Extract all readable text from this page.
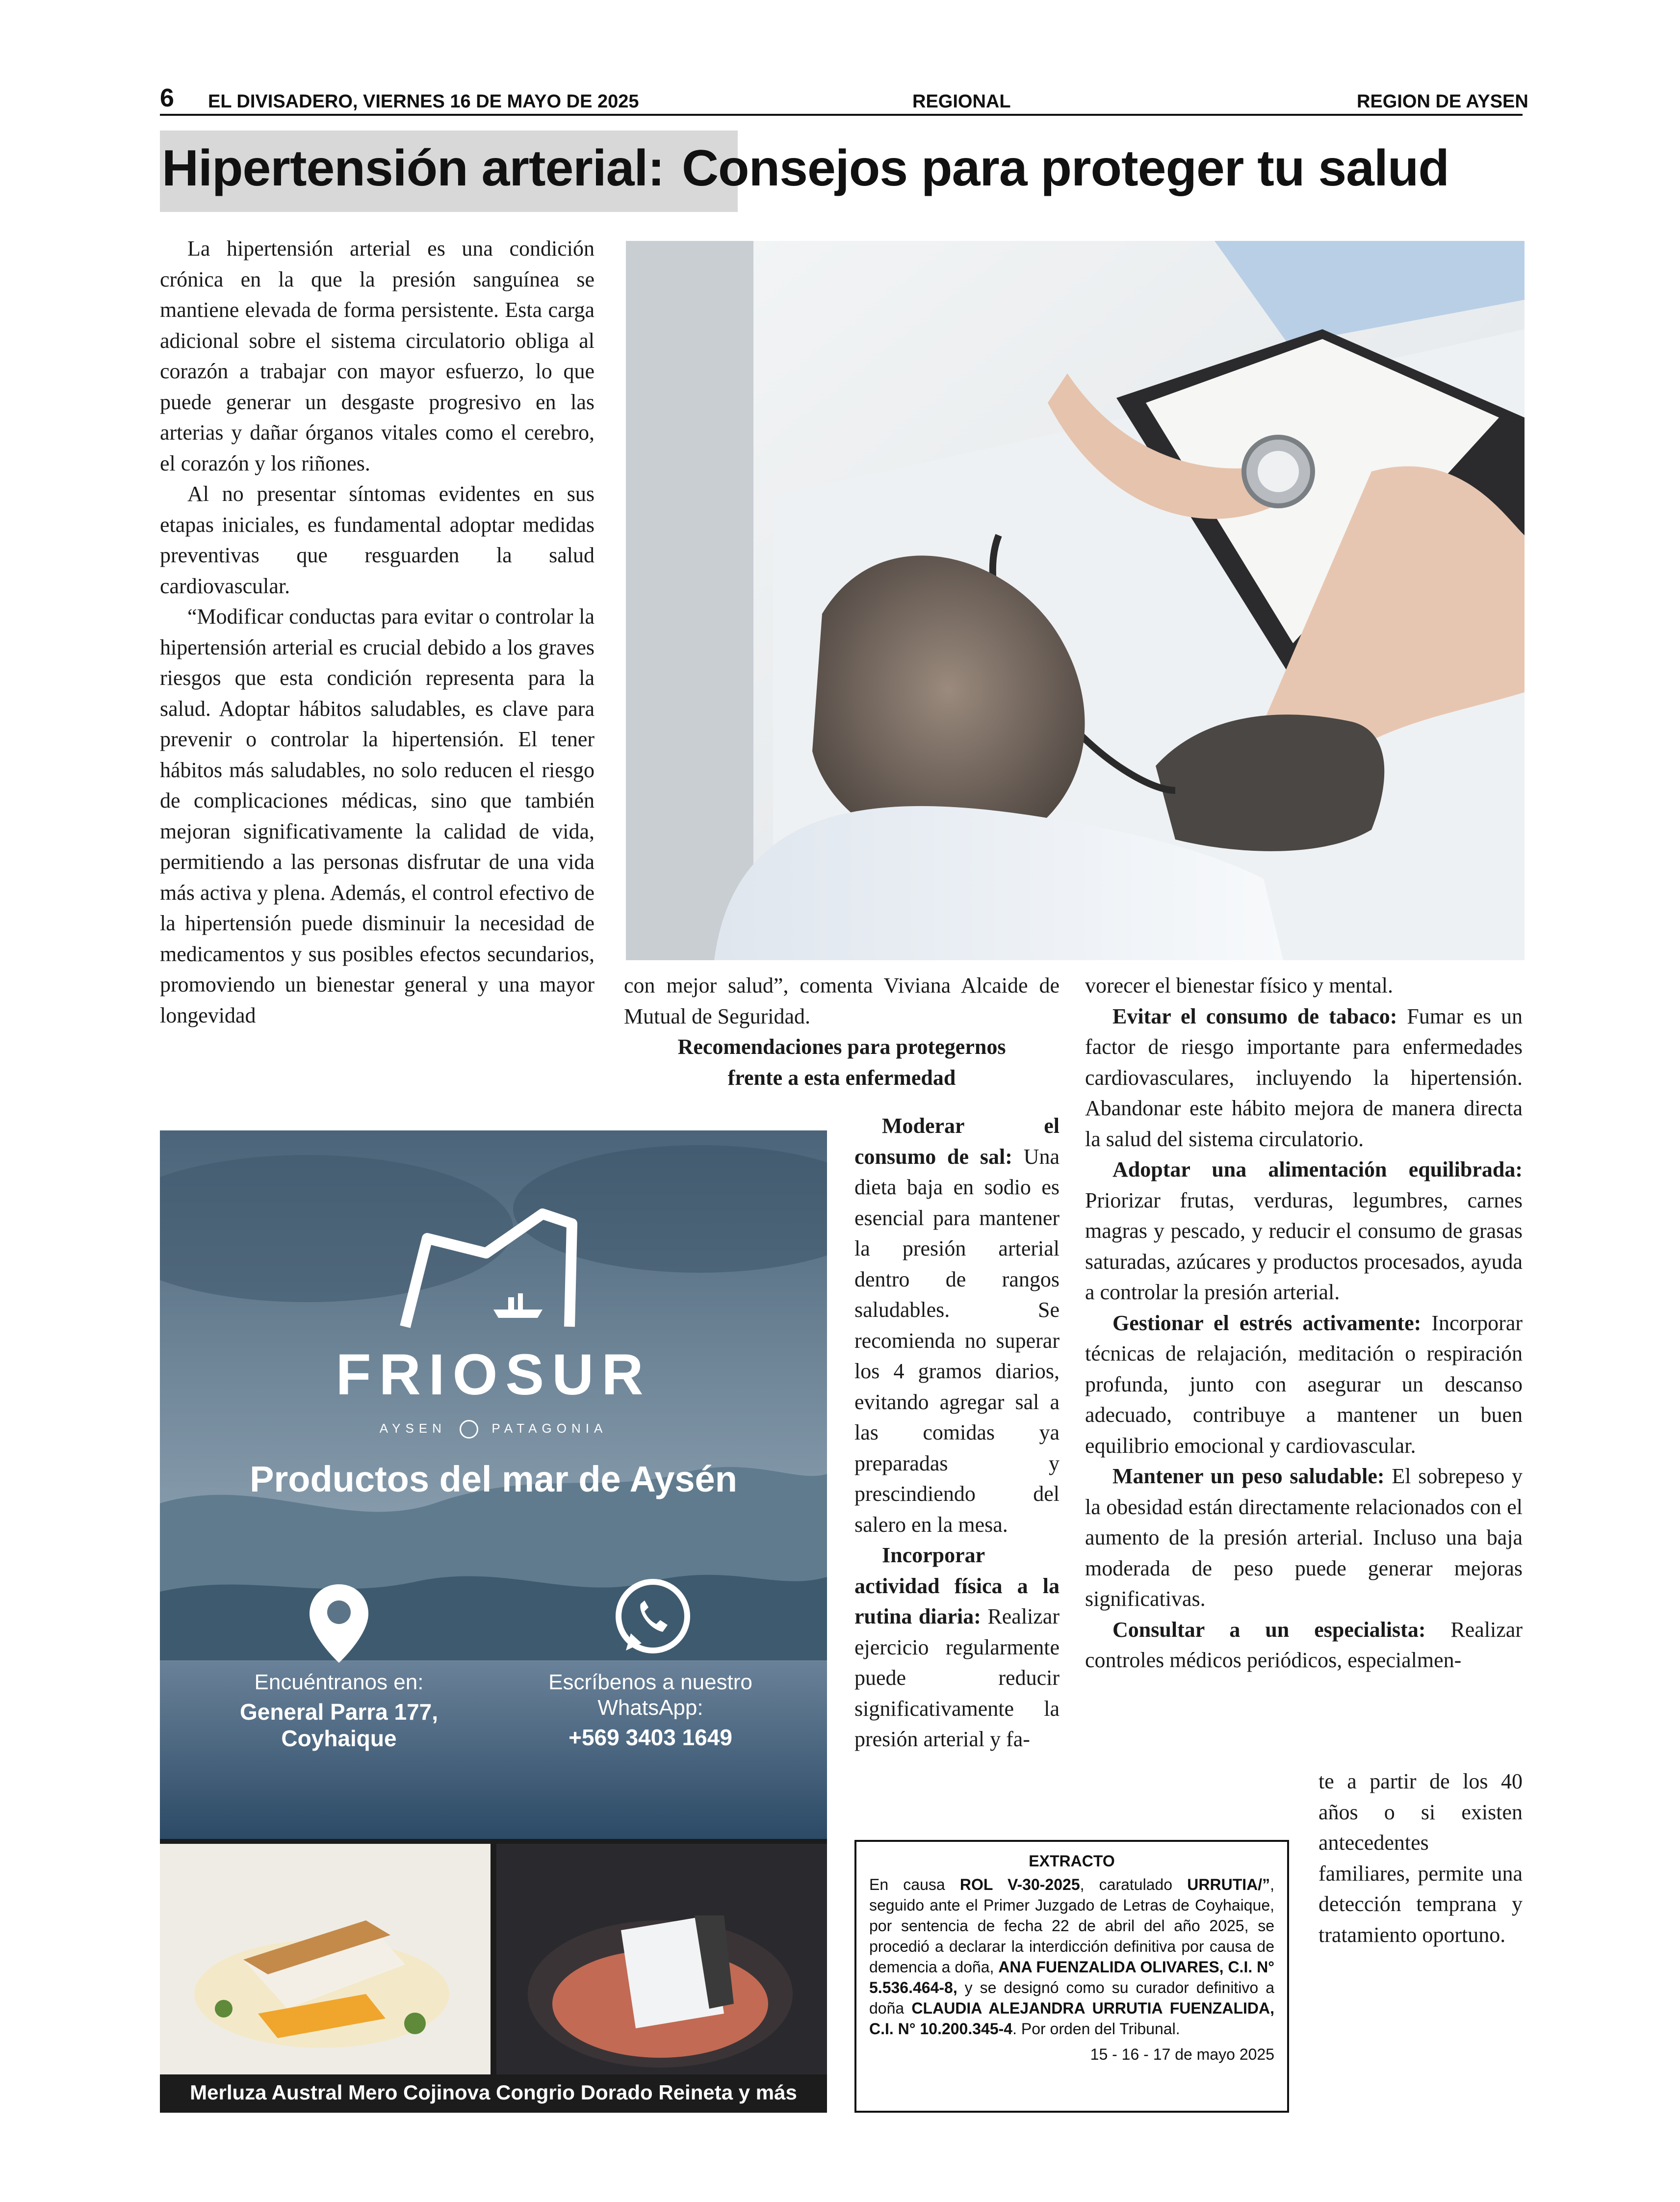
6 EL DIVISADERO, VIERNES 16 DE MAYO DE 2025	REGIONAL	REGION DE AYSEN
Hipertensión arterial: Consejos para proteger tu salud

La hipertensión arterial es una condición crónica en la que la presión sanguínea se mantiene elevada de forma persistente. Esta carga adicional sobre el sistema circulatorio obliga al corazón a trabajar con mayor esfuerzo, lo que puede generar un desgaste progresivo en las arterias y dañar órganos vitales como el cerebro, el corazón y los riñones.

Al no presentar síntomas evidentes en sus etapas iniciales, es fundamental adoptar medidas preventivas que resguarden la salud cardiovascular.

“Modificar conductas para evitar o controlar la hipertensión arterial es crucial debido a los graves riesgos que esta condición representa para la salud. Adoptar hábitos saludables, es clave para prevenir o controlar la hipertensión. El tener hábitos más saludables, no solo reducen el riesgo de complicaciones médicas, sino que también mejoran significativamente la calidad de vida, permitiendo a las personas disfrutar de una vida más activa y plena. Además, el control efectivo de la hipertensión puede disminuir la necesidad de medicamentos y sus posibles efectos secundarios, promoviendo un bienestar general y una mayor longevidad

con mejor salud”, comenta Viviana Alcaide de Mutual de Seguridad.

Recomendaciones para protegernos frente a esta enfermedad

Moderar el consumo de sal: Una dieta baja en sodio es esencial para mantener la presión arterial dentro de rangos saludables. Se recomienda no superar los 4 gramos diarios, evitando agregar sal a las comidas ya preparadas y prescindiendo del salero en la mesa.

Incorporar actividad física a la rutina diaria: Realizar ejercicio regularmente puede reducir significativamente la presión arterial y fa-

vorecer el bienestar físico y mental.

Evitar el consumo de tabaco: Fumar es un factor de riesgo importante para enfermedades cardiovasculares, incluyendo la hipertensión. Abandonar este hábito mejora de manera directa la salud del sistema circulatorio.

Adoptar una alimentación equilibrada: Priorizar frutas, verduras, legumbres, carnes magras y pescado, y reducir el consumo de grasas saturadas, azúcares y productos procesados, ayuda a controlar la presión arterial.

Gestionar el estrés activamente: Incorporar técnicas de relajación, meditación o respiración profunda, junto con asegurar un descanso adecuado, contribuye a mantener un buen equilibrio emocional y cardiovascular.

Mantener un peso saludable: El sobrepeso y la obesidad están directamente relacionados con el aumento de la presión arterial. Incluso una baja moderada de peso puede generar mejoras significativas.

Consultar a un especialista: Realizar controles médicos periódicos, especialmen-

te a partir de los 40 años o si existen antecedentes familiares, permite una detección temprana y tratamiento oportuno.

FRIOSUR
AYSEN	PATAGONIA
Productos del mar de Aysén
Encuéntranos en:
General Parra 177,
Coyhaique
Escríbenos a nuestro
WhatsApp:
+569 3403 1649
Merluza Austral Mero Cojinova Congrio Dorado Reineta y más
EXTRACTO
En causa ROL V-30-2025, caratulado URRUTIA/”, seguido ante el Primer Juzgado de Letras de Coyhaique, por sentencia de fecha 22 de abril del año 2025, se procedió a declarar la interdicción definitiva por causa de demencia a doña, ANA FUENZALIDA OLIVARES, C.I. N° 5.536.464-8, y se designó como su curador definitivo a doña CLAUDIA ALEJANDRA URRUTIA FUENZALIDA, C.I. N° 10.200.345-4. Por orden del Tribunal.
15 - 16 - 17 de mayo 2025
